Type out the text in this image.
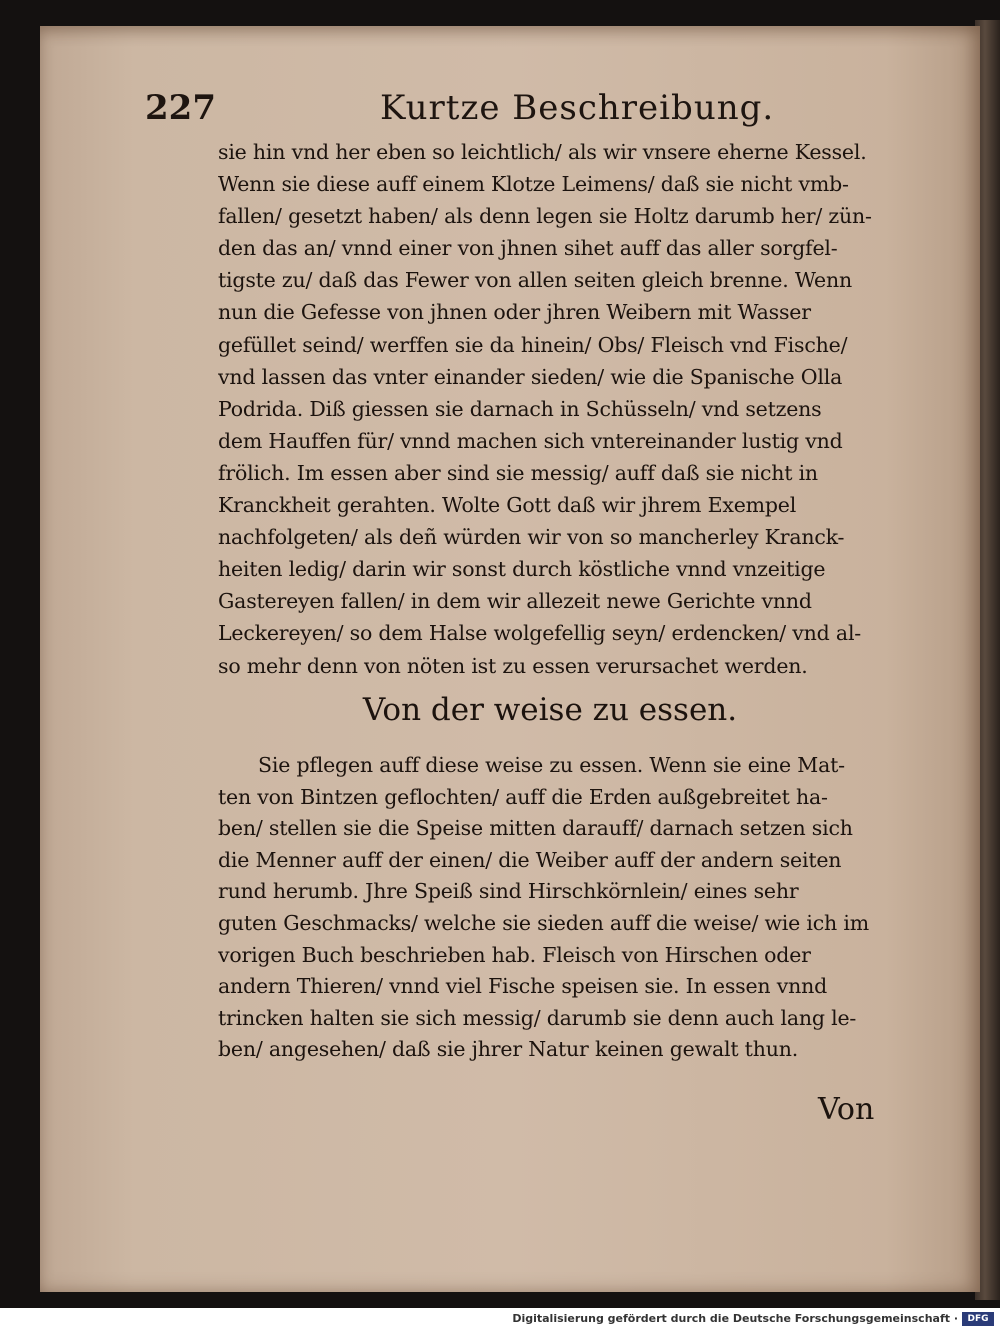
227	Kurtze Beschreibung.
sie hin vnd her eben so leichtlich/ als wir vnsere eherne Kessel.
Wenn sie diese auff einem Klotze Leimens/ daß sie nicht vmb-
fallen/ gesetzt haben/ als denn legen sie Holtz darumb her/ zün-
den das an/ vnnd einer von jhnen sihet auff das aller sorgfel-
tigste zu/ daß das Fewer von allen seiten gleich brenne. Wenn
nun die Gefesse von jhnen oder jhren Weibern mit Wasser
gefüllet seind/ werffen sie da hinein/ Obs/ Fleisch vnd Fische/
vnd lassen das vnter einander sieden/ wie die Spanische Olla
Podrida. Diß giessen sie darnach in Schüsseln/ vnd setzens
dem Hauffen für/ vnnd machen sich vntereinander lustig vnd
frölich. Im essen aber sind sie messig/ auff daß sie nicht in
Kranckheit gerahten. Wolte Gott daß wir jhrem Exempel
nachfolgeten/ als deñ würden wir von so mancherley Kranck-
heiten ledig/ darin wir sonst durch köstliche vnnd vnzeitige
Gastereyen fallen/ in dem wir allezeit newe Gerichte vnnd
Leckereyen/ so dem Halse wolgefellig seyn/ erdencken/ vnd al-
so mehr denn von nöten ist zu essen verursachet werden.
Von der weise zu essen.
Sie pflegen auff diese weise zu essen. Wenn sie eine Mat-
ten von Bintzen geflochten/ auff die Erden außgebreitet ha-
ben/ stellen sie die Speise mitten darauff/ darnach setzen sich
die Menner auff der einen/ die Weiber auff der andern seiten
rund herumb. Jhre Speiß sind Hirschkörnlein/ eines sehr
guten Geschmacks/ welche sie sieden auff die weise/ wie ich im
vorigen Buch beschrieben hab. Fleisch von Hirschen oder
andern Thieren/ vnnd viel Fische speisen sie. In essen vnnd
trincken halten sie sich messig/ darumb sie denn auch lang le-
ben/ angesehen/ daß sie jhrer Natur keinen gewalt thun.
Von
Digitalisierung gefördert durch die Deutsche Forschungsgemeinschaft ·	DFG
